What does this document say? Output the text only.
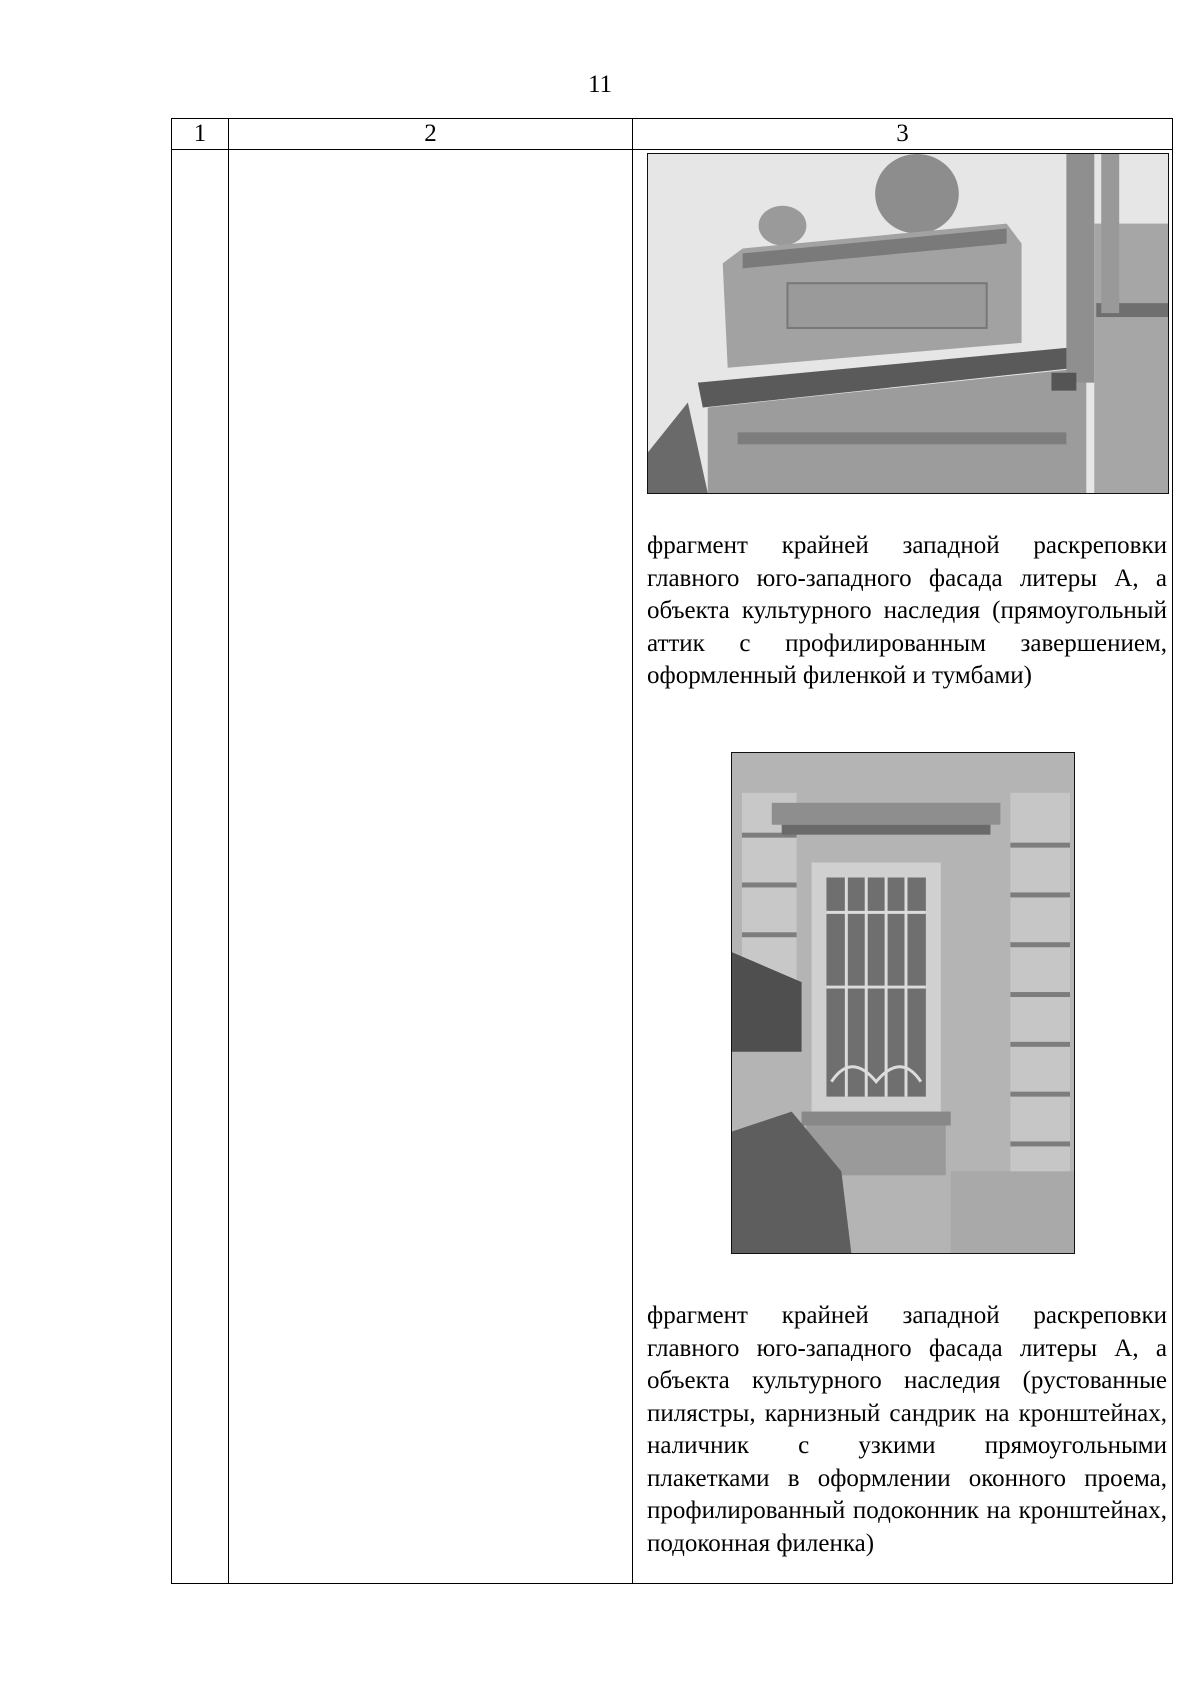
11
1	2	3

		фрагмент крайней западной раскреповки главного юго-западного фасада литеры А, а объекта культурного наследия (прямоугольный аттик с профилированным завершением, оформленный филенкой и тумбами)
фрагмент крайней западной раскреповки главного юго-западного фасада литеры А, а объекта культурного наследия (рустованные пилястры, карнизный сандрик на кронштейнах, наличник с узкими прямоугольными плакетками в оформлении оконного проема, профилированный подоконник на кронштейнах, подоконная филенка)
